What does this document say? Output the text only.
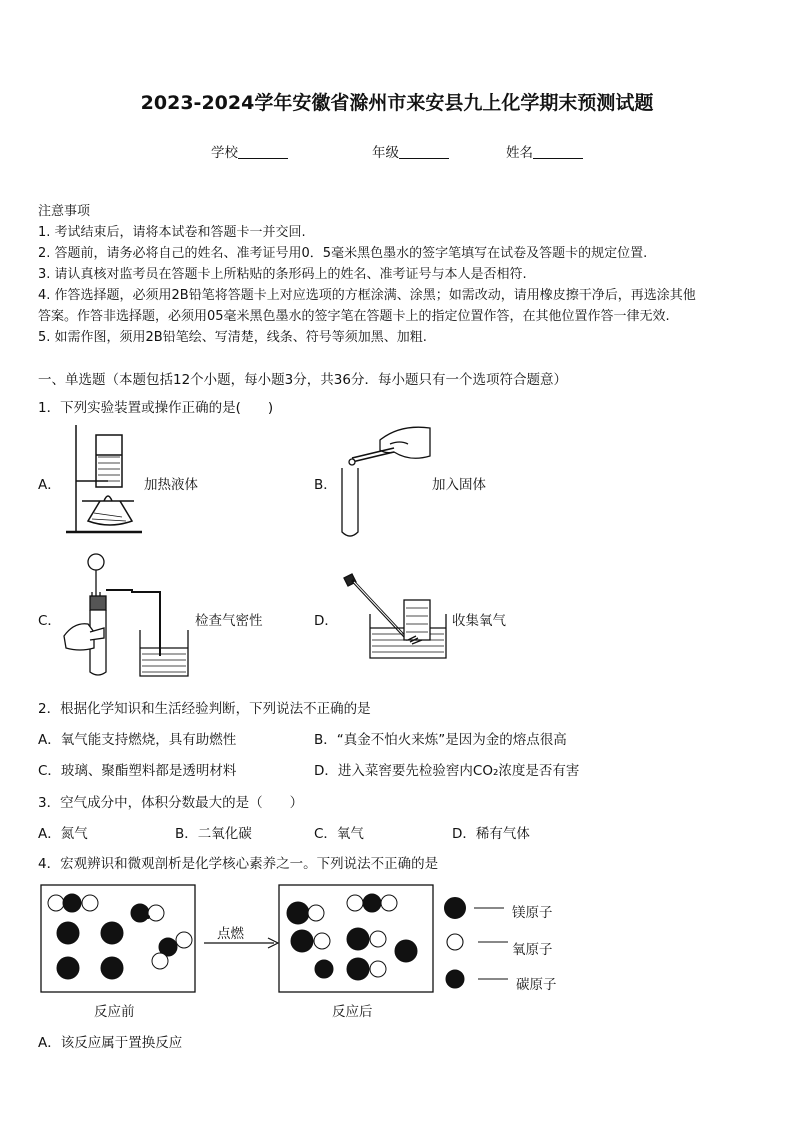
2023-2024学年安徽省滁州市来安县九上化学期末预测试题
学校	年级	姓名
注意事项
1. 考试结束后，请将本试卷和答题卡一并交回.
2. 答题前，请务必将自己的姓名、准考证号用0．5毫米黑色墨水的签字笔填写在试卷及答题卡的规定位置.
3. 请认真核对监考员在答题卡上所粘贴的条形码上的姓名、准考证号与本人是否相符.
4. 作答选择题，必须用2B铅笔将答题卡上对应选项的方框涂满、涂黑；如需改动，请用橡皮擦干净后，再选涂其他
答案。作答非选择题，必须用05毫米黑色墨水的签字笔在答题卡上的指定位置作答，在其他位置作答一律无效.
5. 如需作图，须用2B铅笔绘、写清楚，线条、符号等须加黑、加粗.
一、单选题（本题包括12个小题，每小题3分，共36分．每小题只有一个选项符合题意）
1．下列实验装置或操作正确的是(　　)
A．	加热液体	B．	加入固体
C．	检查气密性	D．	收集氧气
2．根据化学知识和生活经验判断，下列说法不正确的是
A．氧气能支持燃烧，具有助燃性	B．“真金不怕火来炼”是因为金的熔点很高
C．玻璃、聚酯塑料都是透明材料	D．进入菜窖要先检验窖内CO₂浓度是否有害
3．空气成分中，体积分数最大的是（　　）
A．氮气	B．二氧化碳	C．氧气	D．稀有气体
4．宏观辨识和微观剖析是化学核心素养之一。下列说法不正确的是
点燃
反应前	反应后
镁原子
氧原子
碳原子
A．该反应属于置换反应
